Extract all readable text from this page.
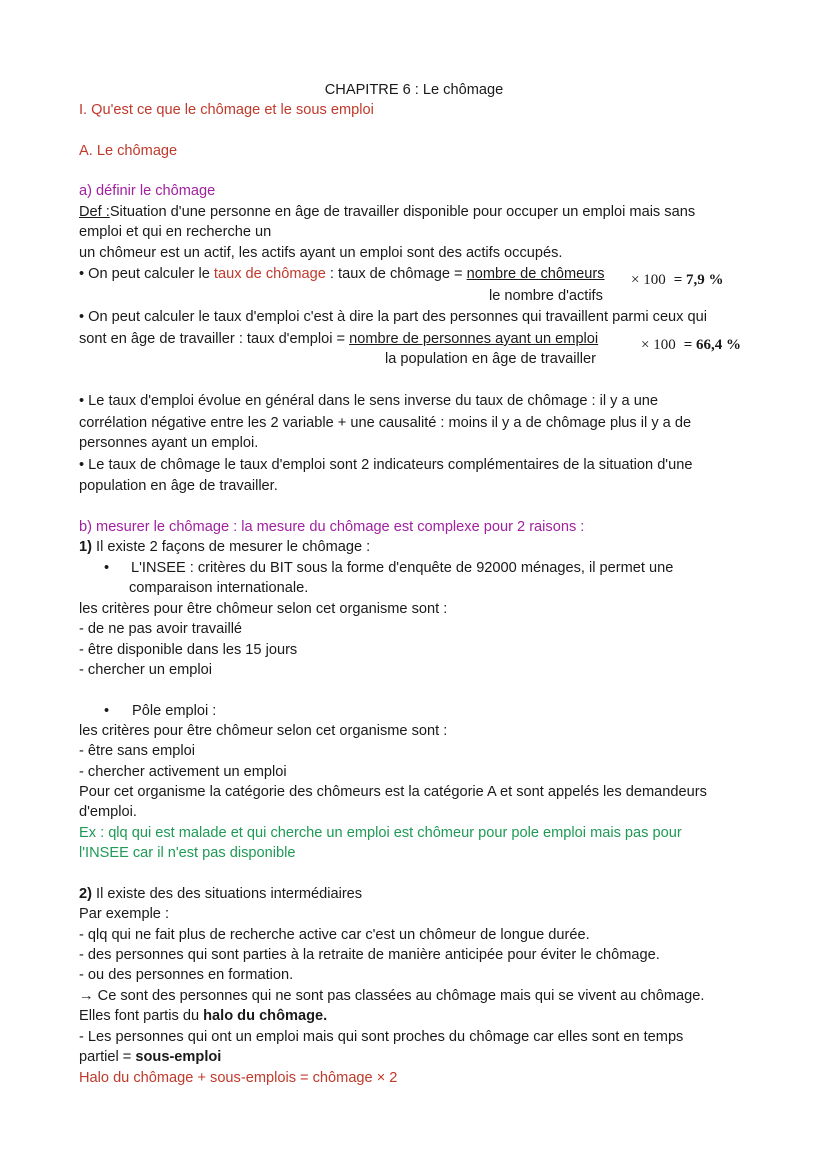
CHAPITRE 6 : Le chômage
I. Qu'est ce que le chômage et le sous emploi
A. Le chômage
a) définir le chômage
Def :Situation d'une personne en âge de travailler disponible pour occuper un emploi mais sans
emploi et qui en recherche un
un chômeur est un actif, les actifs ayant un emploi sont des actifs occupés.
• On peut calculer le taux de chômage : taux de chômage = nombre de chômeurs × 100 = 7,9 %
le nombre d'actifs
• On peut calculer le taux d'emploi c'est à dire la part des personnes qui travaillent parmi ceux qui
sont en âge de travailler : taux d'emploi = nombre de personnes ayant un emploi	× 100 = 66,4 %
la population en âge de travailler
• Le taux d'emploi évolue en général dans le sens inverse du taux de chômage : il y a une
corrélation négative entre les 2 variable + une causalité : moins il y a de chômage plus il y a de
personnes ayant un emploi.
• Le taux de chômage le taux d'emploi sont 2 indicateurs complémentaires de la situation d'une
population en âge de travailler.
b) mesurer le chômage : la mesure du chômage est complexe pour 2 raisons :
1) Il existe 2 façons de mesurer le chômage :
• L'INSEE : critères du BIT sous la forme d'enquête de 92000 ménages, il permet une
comparaison internationale.
les critères pour être chômeur selon cet organisme sont :
- de ne pas avoir travaillé
- être disponible dans les 15 jours
- chercher un emploi
• Pôle emploi :
les critères pour être chômeur selon cet organisme sont :
- être sans emploi
- chercher activement un emploi
Pour cet organisme la catégorie des chômeurs est la catégorie A et sont appelés les demandeurs
d'emploi.
Ex : qlq qui est malade et qui cherche un emploi est chômeur pour pole emploi mais pas pour
l'INSEE car il n'est pas disponible
2) Il existe des des situations intermédiaires
Par exemple :
- qlq qui ne fait plus de recherche active car c'est un chômeur de longue durée.
- des personnes qui sont parties à la retraite de manière anticipée pour éviter le chômage.
- ou des personnes en formation.
→ Ce sont des personnes qui ne sont pas classées au chômage mais qui se vivent au chômage.
Elles font partis du halo du chômage.
- Les personnes qui ont un emploi mais qui sont proches du chômage car elles sont en temps
partiel = sous-emploi
Halo du chômage + sous-emplois = chômage × 2
